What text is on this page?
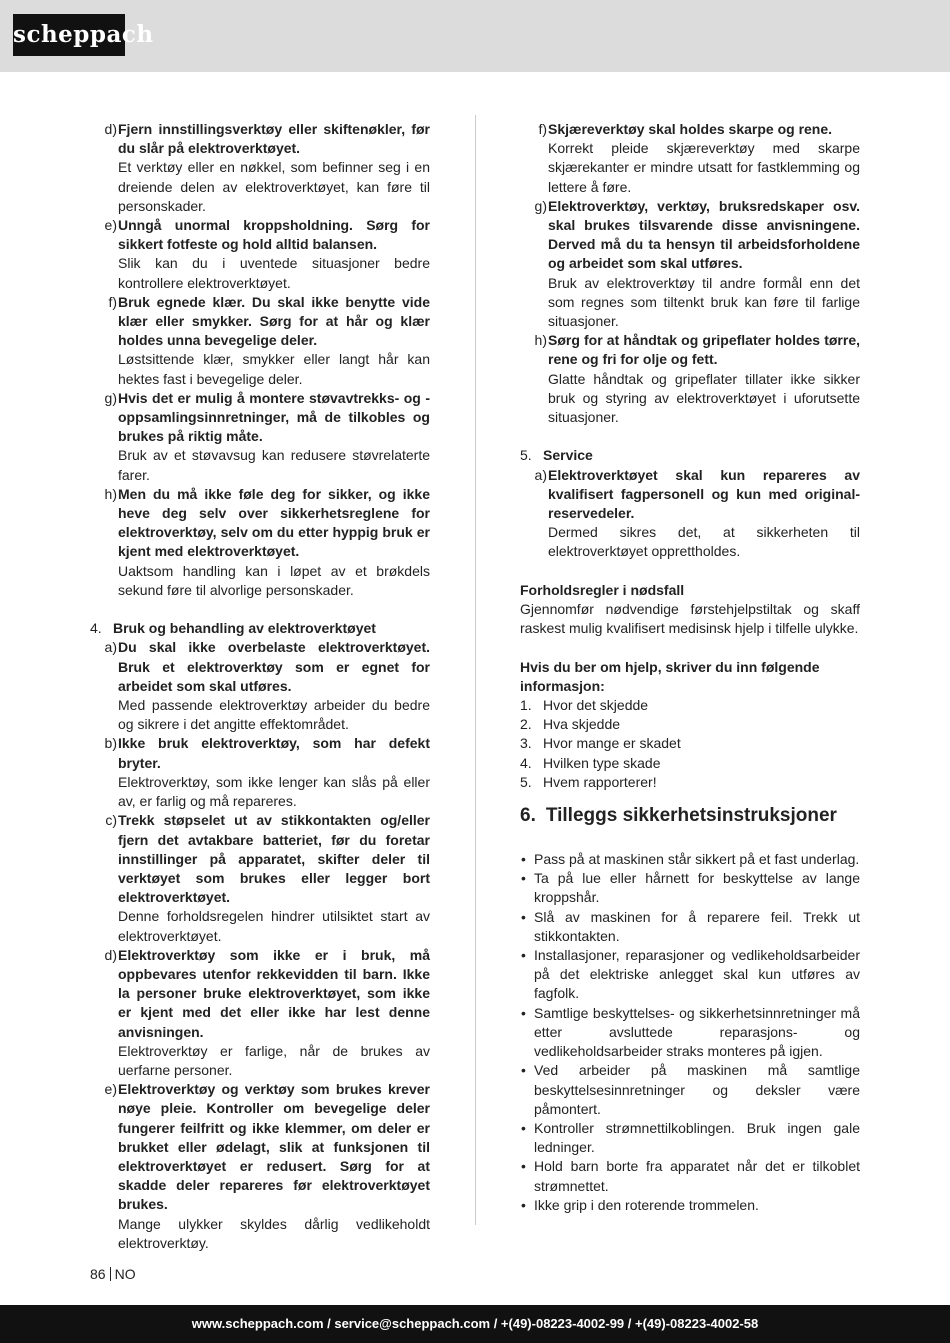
scheppach
d) Fjern innstillingsverktøy eller skiftenøkler, før du slår på elektroverktøyet.
Et verktøy eller en nøkkel, som befinner seg i en dreiende delen av elektroverktøyet, kan føre til personskader.
e) Unngå unormal kroppsholdning. Sørg for sikkert fotfeste og hold alltid balansen.
Slik kan du i uventede situasjoner bedre kontrollere elektroverktøyet.
f) Bruk egnede klær. Du skal ikke benytte vide klær eller smykker. Sørg for at hår og klær holdes unna bevegelige deler.
Løstsittende klær, smykker eller langt hår kan hektes fast i bevegelige deler.
g) Hvis det er mulig å montere støvavtrekks- og -oppsamlingsinnretninger, må de tilkobles og brukes på riktig måte.
Bruk av et støvavsug kan redusere støvrelaterte farer.
h) Men du må ikke føle deg for sikker, og ikke heve deg selv over sikkerhetsreglene for elektroverktøy, selv om du etter hyppig bruk er kjent med elektroverktøyet.
Uaktsom handling kan i løpet av et brøkdels sekund føre til alvorlige personskader.
4. Bruk og behandling av elektroverktøyet
a) Du skal ikke overbelaste elektroverktøyet. Bruk et elektroverktøy som er egnet for arbeidet som skal utføres.
Med passende elektroverktøy arbeider du bedre og sikrere i det angitte effektområdet.
b) Ikke bruk elektroverktøy, som har defekt bryter.
Elektroverktøy, som ikke lenger kan slås på eller av, er farlig og må repareres.
c) Trekk støpselet ut av stikkontakten og/eller fjern det avtakbare batteriet, før du foretar innstillinger på apparatet, skifter deler til verktøyet som brukes eller legger bort elektroverktøyet.
Denne forholdsregelen hindrer utilsiktet start av elektroverktøyet.
d) Elektroverktøy som ikke er i bruk, må oppbevares utenfor rekkevidden til barn. Ikke la personer bruke elektroverktøyet, som ikke er kjent med det eller ikke har lest denne anvisningen.
Elektroverktøy er farlige, når de brukes av uerfarne personer.
e) Elektroverktøy og verktøy som brukes krever nøye pleie. Kontroller om bevegelige deler fungerer feilfritt og ikke klemmer, om deler er brukket eller ødelagt, slik at funksjonen til elektroverktøyet er redusert. Sørg for at skadde deler repareres før elektroverktøyet brukes.
Mange ulykker skyldes dårlig vedlikeholdt elektroverktøy.
f) Skjæreverktøy skal holdes skarpe og rene.
Korrekt pleide skjæreverktøy med skarpe skjærekanter er mindre utsatt for fastklemming og lettere å føre.
g) Elektroverktøy, verktøy, bruksredskaper osv. skal brukes tilsvarende disse anvisningene. Derved må du ta hensyn til arbeidsforholdene og arbeidet som skal utføres.
Bruk av elektroverktøy til andre formål enn det som regnes som tiltenkt bruk kan føre til farlige situasjoner.
h) Sørg for at håndtak og gripeflater holdes tørre, rene og fri for olje og fett.
Glatte håndtak og gripeflater tillater ikke sikker bruk og styring av elektroverktøyet i uforutsette situasjoner.
5. Service
a) Elektroverktøyet skal kun repareres av kvalifisert fagpersonell og kun med original-reservedeler.
Dermed sikres det, at sikkerheten til elektroverktøyet opprettholdes.
Forholdsregler i nødsfall
Gjennomfør nødvendige førstehjelpstiltak og skaff raskest mulig kvalifisert medisinsk hjelp i tilfelle ulykke.
Hvis du ber om hjelp, skriver du inn følgende informasjon:
1. Hvor det skjedde
2. Hva skjedde
3. Hvor mange er skadet
4. Hvilken type skade
5. Hvem rapporterer!
6. Tilleggs sikkerhetsinstruksjoner
• Pass på at maskinen står sikkert på et fast underlag.
• Ta på lue eller hårnett for beskyttelse av lange kroppshår.
• Slå av maskinen for å reparere feil. Trekk ut stikkontakten.
• Installasjoner, reparasjoner og vedlikeholdsarbeider på det elektriske anlegget skal kun utføres av fagfolk.
• Samtlige beskyttelses- og sikkerhetsinnretninger må etter avsluttede reparasjons- og vedlikeholdsarbeider straks monteres på igjen.
• Ved arbeider på maskinen må samtlige beskyttelsesinnretninger og deksler være påmontert.
• Kontroller strømnettilkoblingen. Bruk ingen gale ledninger.
• Hold barn borte fra apparatet når det er tilkoblet strømnettet.
• Ikke grip i den roterende trommelen.
86 NO
www.scheppach.com / service@scheppach.com / +(49)-08223-4002-99 / +(49)-08223-4002-58
